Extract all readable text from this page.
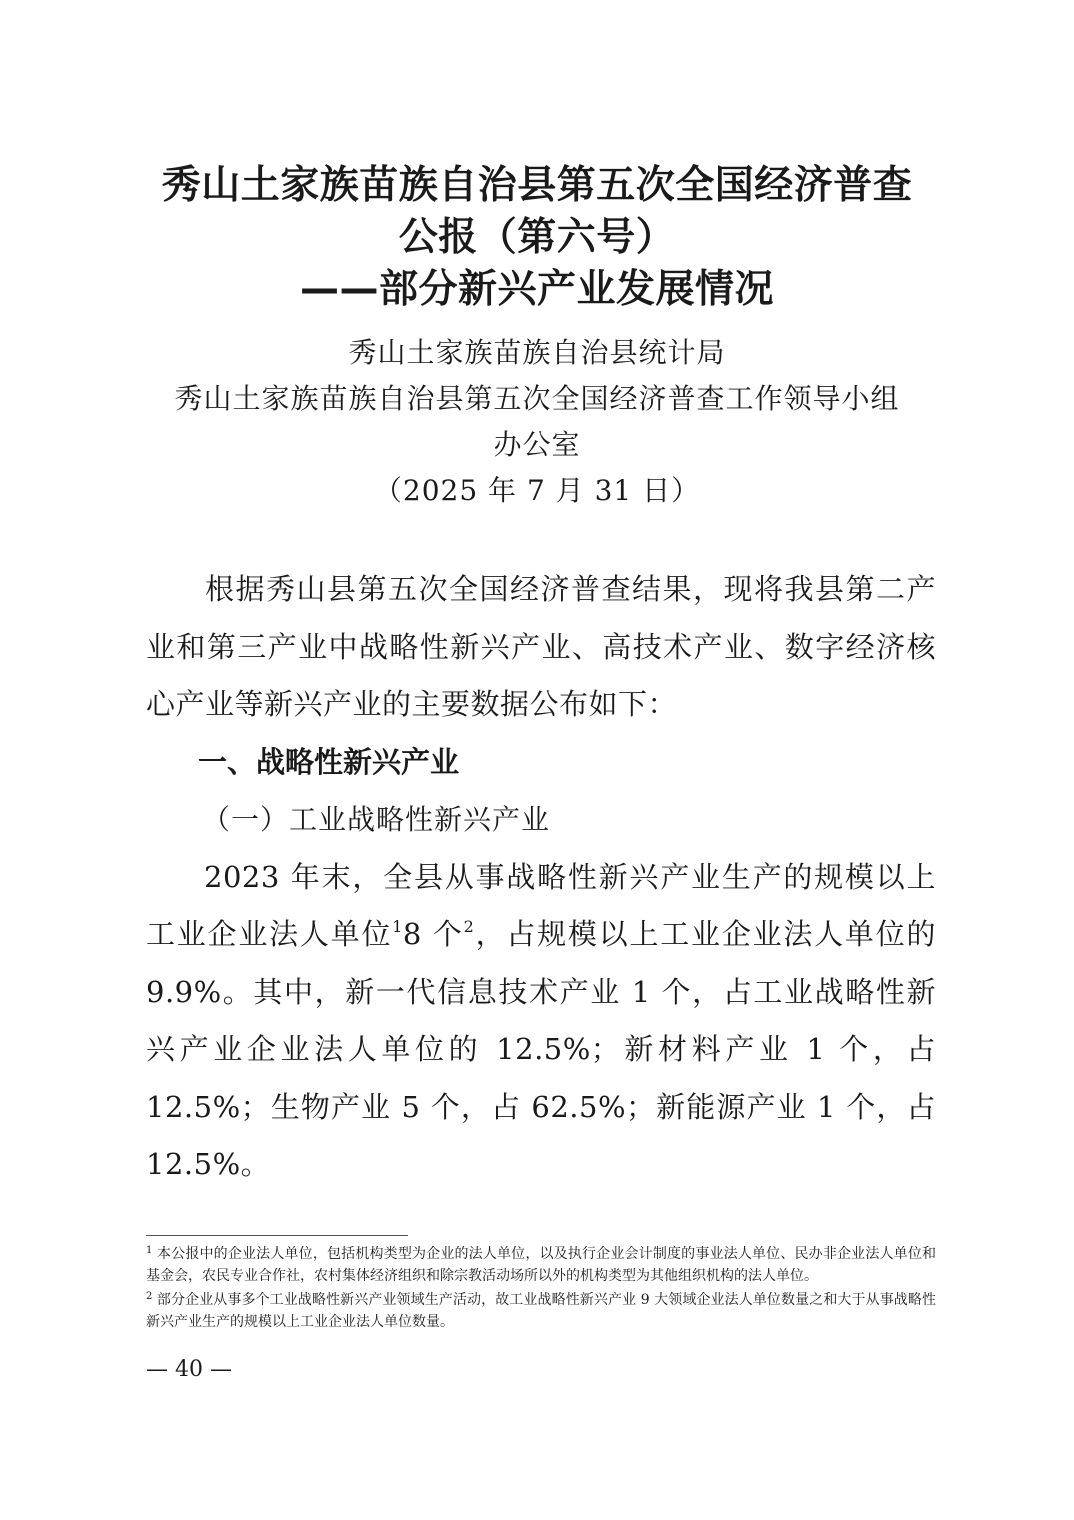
秀山土家族苗族自治县第五次全国经济普查
公报（第六号）
——部分新兴产业发展情况
秀山土家族苗族自治县统计局
秀山土家族苗族自治县第五次全国经济普查工作领导小组
办公室
（2025 年 7 月 31 日）

根据秀山县第五次全国经济普查结果，现将我县第二产业和第三产业中战略性新兴产业、高技术产业、数字经济核心产业等新兴产业的主要数据公布如下：

一、战略性新兴产业

（一）工业战略性新兴产业

2023 年末，全县从事战略性新兴产业生产的规模以上工业企业法人单位$^1$8 个$^2$，占规模以上工业企业法人单位的 9.9%。其中，新一代信息技术产业 1 个，占工业战略性新兴产业企业法人单位的 12.5%；新材料产业 1 个，占 12.5%；生物产业 5 个，占 62.5%；新能源产业 1 个，占 12.5%。

$^1$ 本公报中的企业法人单位，包括机构类型为企业的法人单位，以及执行企业会计制度的事业法人单位、民办非企业法人单位和基金会，农民专业合作社，农村集体经济组织和除宗教活动场所以外的机构类型为其他组织机构的法人单位。

$^2$ 部分企业从事多个工业战略性新兴产业领域生产活动，故工业战略性新兴产业 9 大领域企业法人单位数量之和大于从事战略性新兴产业生产的规模以上工业企业法人单位数量。

— 40 —
